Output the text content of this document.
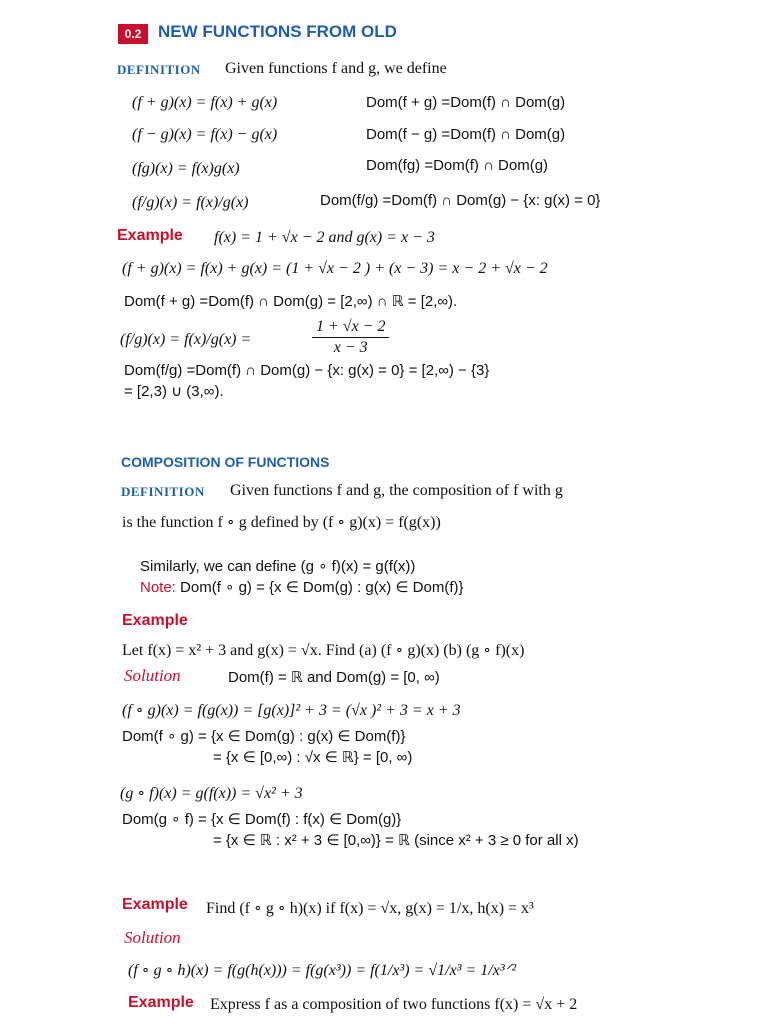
0.2 NEW FUNCTIONS FROM OLD
DEFINITION Given functions f and g, we define
(f + g)(x) = f(x) + g(x)	Dom(f + g) =Dom(f) ∩ Dom(g)
(f − g)(x) = f(x) − g(x)	Dom(f − g) =Dom(f) ∩ Dom(g)
(fg)(x) = f(x)g(x)	Dom(fg) =Dom(f) ∩ Dom(g)
(f/g)(x) = f(x)/g(x)	Dom(f/g) =Dom(f) ∩ Dom(g) − {x: g(x) = 0}
Example f(x) = 1 + √x − 2 and g(x) = x − 3
(f + g)(x) = f(x) + g(x) = (1 + √x − 2 ) + (x − 3) = x − 2 + √x − 2
Dom(f + g) =Dom(f) ∩ Dom(g) = [2,∞) ∩ ℝ = [2,∞).
(f/g)(x) = f(x)/g(x) =
1 + √x − 2
x − 3
Dom(f/g) =Dom(f) ∩ Dom(g) − {x: g(x) = 0} = [2,∞) − {3}
= [2,3) ∪ (3,∞).
COMPOSITION OF FUNCTIONS
DEFINITION Given functions f and g, the composition of f with g
is the function f ∘ g defined by (f ∘ g)(x) = f(g(x))
Similarly, we can define (g ∘ f)(x) = g(f(x))
Note: Dom(f ∘ g) = {x ∈ Dom(g) : g(x) ∈ Dom(f)}
Example
Let f(x) = x² + 3 and g(x) = √x. Find (a) (f ∘ g)(x) (b) (g ∘ f)(x)
Solution	Dom(f) = ℝ and Dom(g) = [0, ∞)
(f ∘ g)(x) = f(g(x)) = [g(x)]² + 3 = (√x )² + 3 = x + 3
Dom(f ∘ g) = {x ∈ Dom(g) : g(x) ∈ Dom(f)}
= {x ∈ [0,∞) : √x ∈ ℝ} = [0, ∞)
(g ∘ f)(x) = g(f(x)) = √x² + 3
Dom(g ∘ f) = {x ∈ Dom(f) : f(x) ∈ Dom(g)}
= {x ∈ ℝ : x² + 3 ∈ [0,∞)} = ℝ (since x² + 3 ≥ 0 for all x)
Example Find (f ∘ g ∘ h)(x) if f(x) = √x, g(x) = 1/x, h(x) = x³
Solution
(f ∘ g ∘ h)(x) = f(g(h(x))) = f(g(x³)) = f(1/x³) = √1/x³ = 1/x³ᐟ²
Example Express f as a composition of two functions f(x) = √x + 2
